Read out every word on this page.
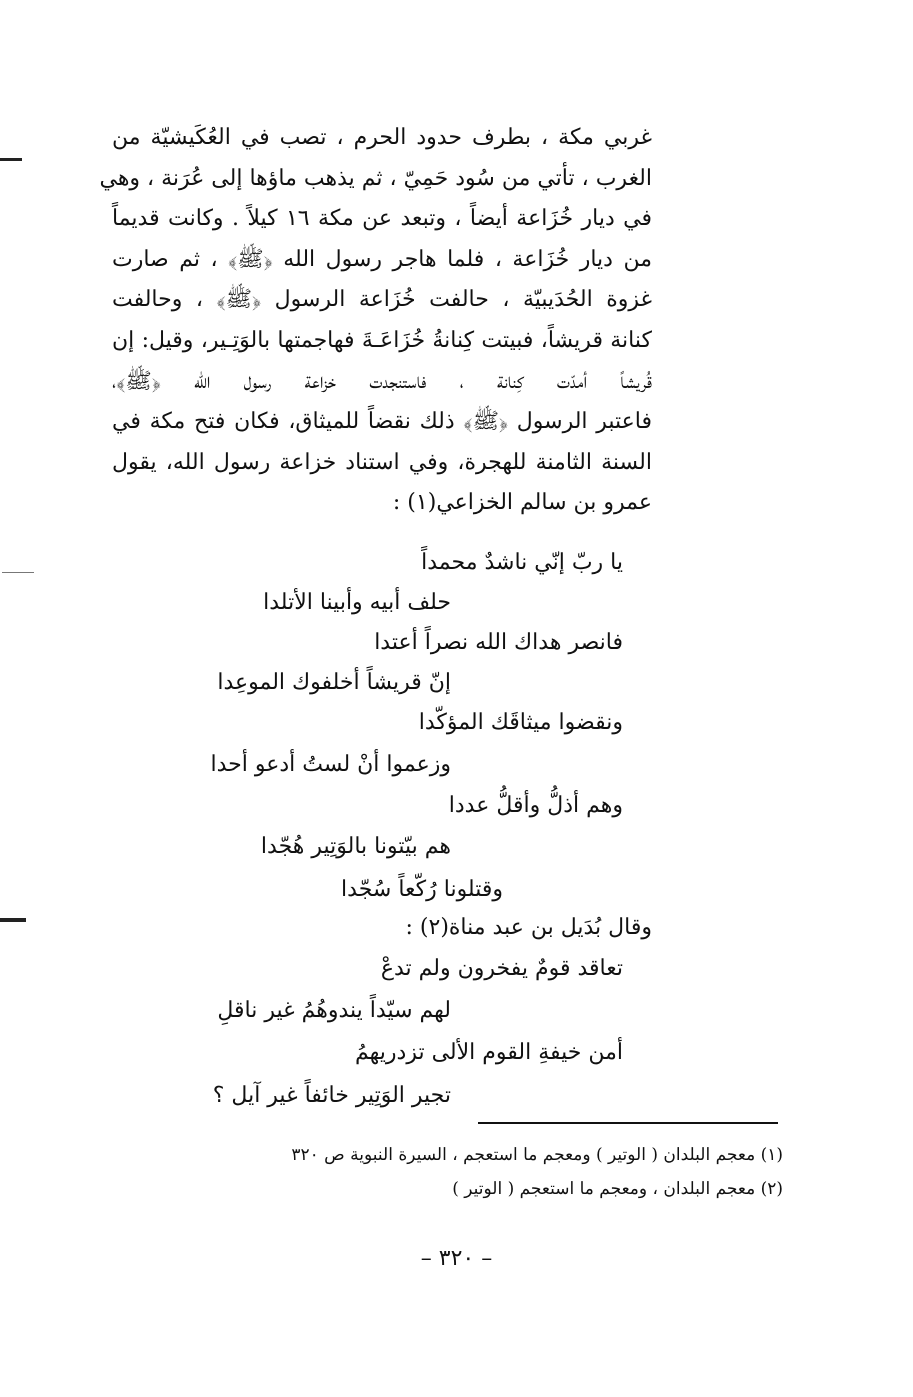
غربي مكة ، بطرف حدود الحرم ، تصب في العُكَيشيّة من
الغرب ، تأتي من سُود حَمِيّ ، ثم يذهب ماؤها إلى عُرَنة ، وهي
في ديار خُزَاعة أيضاً ، وتبعد عن مكة ١٦ كيلاً . وكانت قديماً
من ديار خُزَاعة ، فلما هاجر رسول الله ﴿ﷺ﴾ ، ثم صارت
غزوة الحُدَيبيّة ، حالفت خُزَاعة الرسول ﴿ﷺ﴾ ، وحالفت
كنانة قريشاً، فبيتت كِنانةُ خُزَاعَـةَ فهاجمتها بالوَتِـير، وقيل: إن
قُريشاً أمدّت كِنانة ، فاستنجدت خزاعة رسول الله ﴿ﷺ﴾،
فاعتبر الرسول ﴿ﷺ﴾ ذلك نقضاً للميثاق، فكان فتح مكة في
السنة الثامنة للهجرة، وفي استناد خزاعة رسول الله، يقول
عمرو بن سالم الخزاعي(١) :
يا ربّ إنّي ناشدٌ محمداً
حلف أبيه وأبينا الأتلدا
فانصر هداك الله نصراً أعتدا
إنّ قريشاً أخلفوك الموعِدا
ونقضوا ميثاقَك المؤكّدا
وزعموا أنْ لستُ أدعو أحدا
وهم أذلُّ وأقلُّ عددا
هم بيّتونا بالوَتِير هُجّدا
وقتلونا رُكّعاً سُجّدا
وقال بُدَيل بن عبد مناة(٢) :
تعاقد قومٌ يفخرون ولم تدعْ
لهم سيّداً يندوهُمُ غير ناقلِ
أمن خيفةِ القوم الألى تزدريهمُ
تجير الوَتِير خائفاً غير آيل ؟
(١) معجم البلدان ( الوتير ) ومعجم ما استعجم ، السيرة النبوية ص ٣٢٠
(٢) معجم البلدان ، ومعجم ما استعجم ( الوتير )
– ٣٢٠ –
